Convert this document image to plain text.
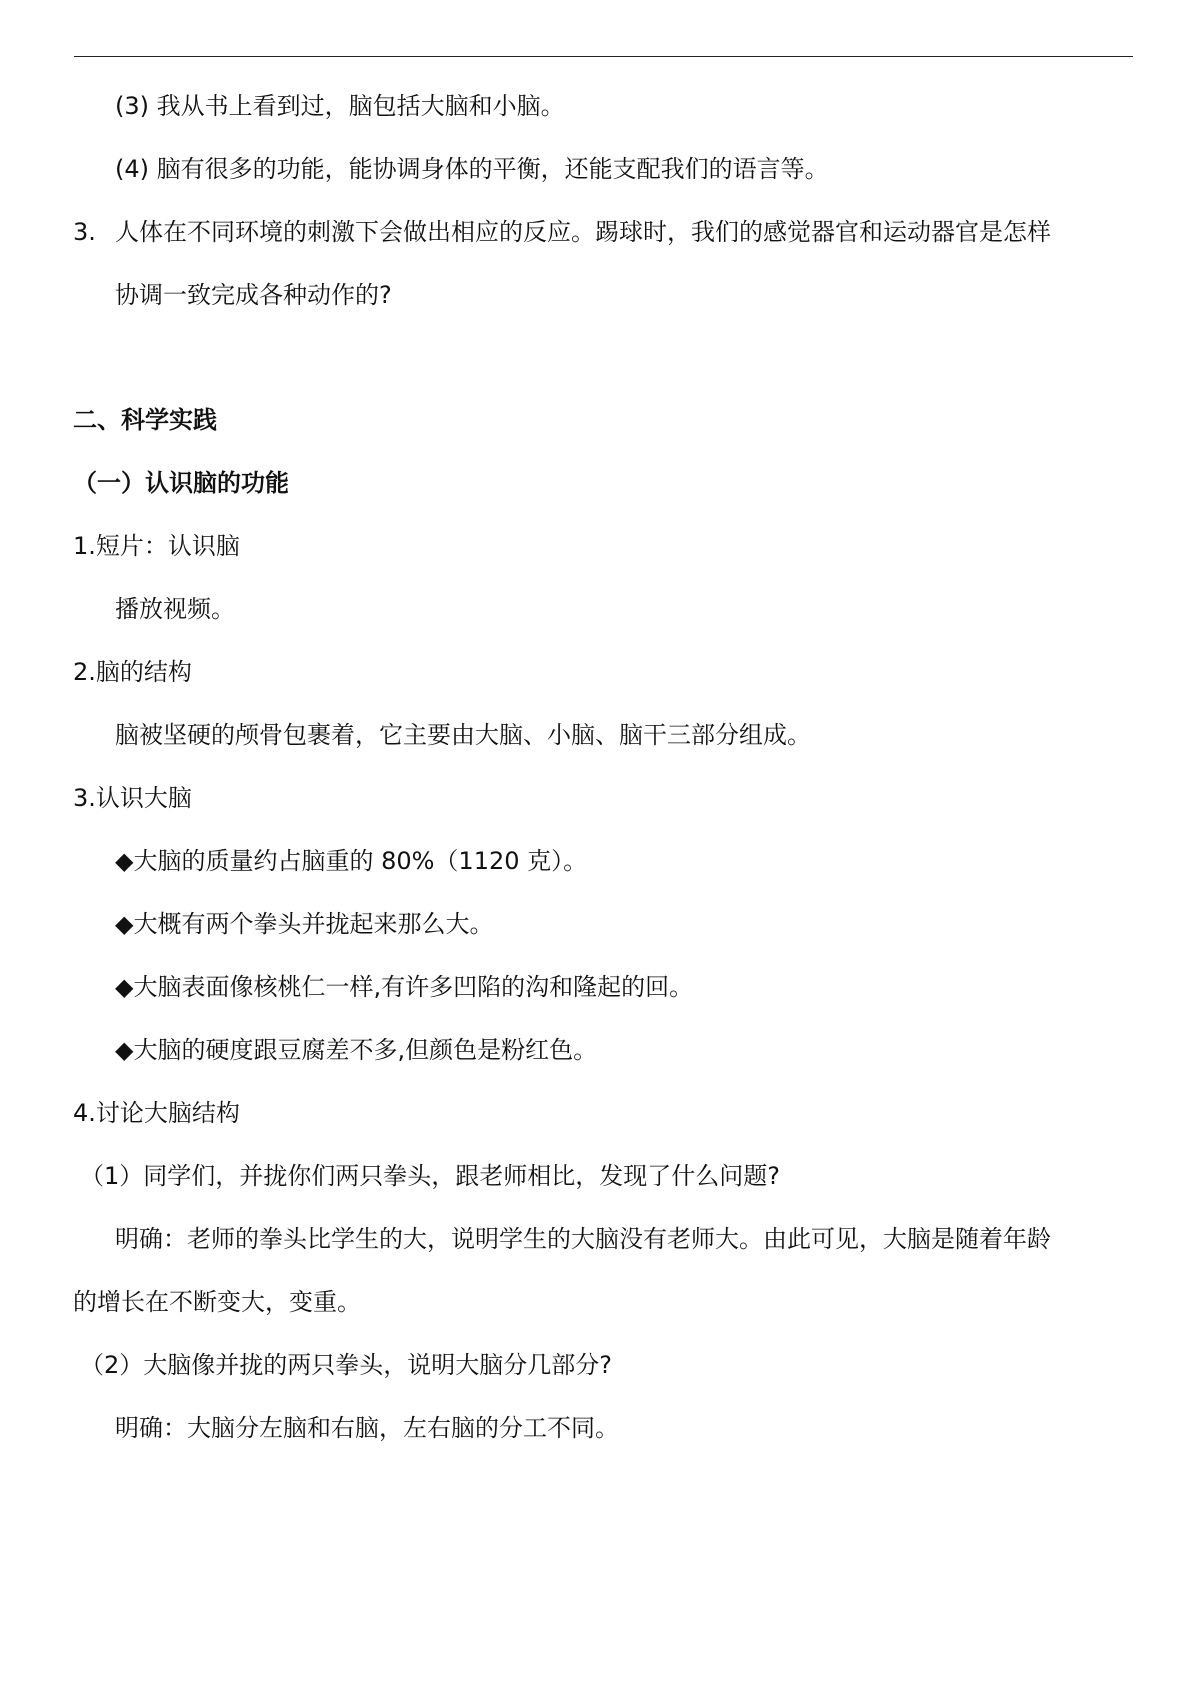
(3) 我从书上看到过，脑包括大脑和小脑。
(4) 脑有很多的功能，能协调身体的平衡，还能支配我们的语言等。
3. 人体在不同环境的刺激下会做出相应的反应。踢球时，我们的感觉器官和运动器官是怎样
协调一致完成各种动作的?
二、科学实践
（一）认识脑的功能
1.短片：认识脑
播放视频。
2.脑的结构
脑被坚硬的颅骨包裹着，它主要由大脑、小脑、脑干三部分组成。
3.认识大脑
◆大脑的质量约占脑重的 80%（1120 克）。
◆大概有两个拳头并拢起来那么大。
◆大脑表面像核桃仁一样,有许多凹陷的沟和隆起的回。
◆大脑的硬度跟豆腐差不多,但颜色是粉红色。
4.讨论大脑结构
（1）同学们，并拢你们两只拳头，跟老师相比，发现了什么问题?
明确：老师的拳头比学生的大，说明学生的大脑没有老师大。由此可见，大脑是随着年龄
的增长在不断变大，变重。
（2）大脑像并拢的两只拳头，说明大脑分几部分?
明确：大脑分左脑和右脑，左右脑的分工不同。
